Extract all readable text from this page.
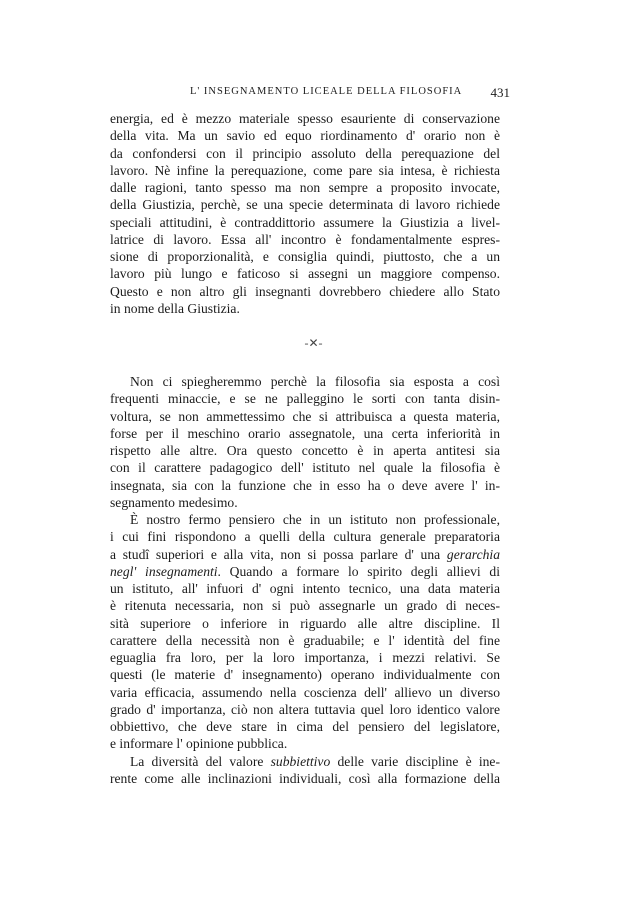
L' INSEGNAMENTO LICEALE DELLA FILOSOFIA 431
energia, ed è mezzo materiale spesso esauriente di conservazione
della vita. Ma un savio ed equo riordinamento d' orario non è
da confondersi con il principio assoluto della perequazione del
lavoro. Nè infine la perequazione, come pare sia intesa, è richiesta
dalle ragioni, tanto spesso ma non sempre a proposito invocate,
della Giustizia, perchè, se una specie determinata di lavoro richiede
speciali attitudini, è contraddittorio assumere la Giustizia a livel-
latrice di lavoro. Essa all' incontro è fondamentalmente espres-
sione di proporzionalità, e consiglia quindi, piuttosto, che a un
lavoro più lungo e faticoso si assegni un maggiore compenso.
Questo e non altro gli insegnanti dovrebbero chiedere allo Stato
in nome della Giustizia.
-✕-
Non ci spiegheremmo perchè la filosofia sia esposta a così
frequenti minaccie, e se ne palleggino le sorti con tanta disin-
voltura, se non ammettessimo che si attribuisca a questa materia,
forse per il meschino orario assegnatole, una certa inferiorità in
rispetto alle altre. Ora questo concetto è in aperta antitesi sia
con il carattere padagogico dell' istituto nel quale la filosofia è
insegnata, sia con la funzione che in esso ha o deve avere l' in-
segnamento medesimo.
È nostro fermo pensiero che in un istituto non professionale,
i cui fini rispondono a quelli della cultura generale preparatoria
a studî superiori e alla vita, non si possa parlare d' una gerarchia
negl' insegnamenti. Quando a formare lo spirito degli allievi di
un istituto, all' infuori d' ogni intento tecnico, una data materia
è ritenuta necessaria, non si può assegnarle un grado di neces-
sità superiore o inferiore in riguardo alle altre discipline. Il
carattere della necessità non è graduabile; e l' identità del fine
eguaglia fra loro, per la loro importanza, i mezzi relativi. Se
questi (le materie d' insegnamento) operano individualmente con
varia efficacia, assumendo nella coscienza dell' allievo un diverso
grado d' importanza, ciò non altera tuttavia quel loro identico valore
obbiettivo, che deve stare in cima del pensiero del legislatore,
e informare l' opinione pubblica.
La diversità del valore subbiettivo delle varie discipline è ine-
rente come alle inclinazioni individuali, così alla formazione della
